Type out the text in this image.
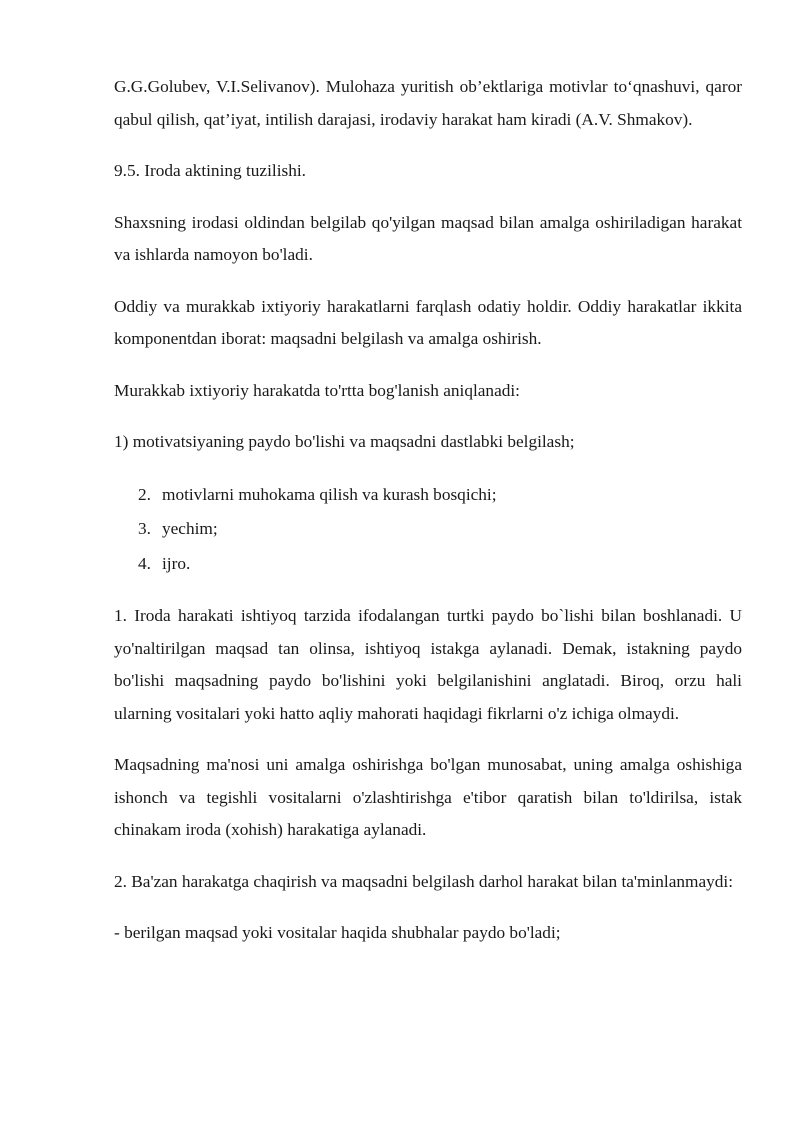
G.G.Golubev, V.I.Selivanov). Mulohaza yuritish ob’ektlariga motivlar to‘qnashuvi, qaror qabul qilish, qat’iyat, intilish darajasi, irodaviy harakat ham kiradi (A.V. Shmakov).

9.5. Iroda aktining tuzilishi.

Shaxsning irodasi oldindan belgilab qo'yilgan maqsad bilan amalga oshiriladigan harakat va ishlarda namoyon bo'ladi.

Oddiy va murakkab ixtiyoriy harakatlarni farqlash odatiy holdir. Oddiy harakatlar ikkita komponentdan iborat: maqsadni belgilash va amalga oshirish.

Murakkab ixtiyoriy harakatda to'rtta bog'lanish aniqlanadi:

1) motivatsiyaning paydo bo'lishi va maqsadni dastlabki belgilash;

2. motivlarni muhokama qilish va kurash bosqichi;
3. yechim;
4. ijro.

1. Iroda harakati ishtiyoq tarzida ifodalangan turtki paydo bo`lishi bilan boshlanadi. U yo'naltirilgan maqsad tan olinsa, ishtiyoq istakga aylanadi. Demak, istakning paydo bo'lishi maqsadning paydo bo'lishini yoki belgilanishini anglatadi. Biroq, orzu hali ularning vositalari yoki hatto aqliy mahorati haqidagi fikrlarni o'z ichiga olmaydi.

Maqsadning ma'nosi uni amalga oshirishga bo'lgan munosabat, uning amalga oshishiga ishonch va tegishli vositalarni o'zlashtirishga e'tibor qaratish bilan to'ldirilsa, istak chinakam iroda (xohish) harakatiga aylanadi.

2. Ba'zan harakatga chaqirish va maqsadni belgilash darhol harakat bilan ta'minlanmaydi:

- berilgan maqsad yoki vositalar haqida shubhalar paydo bo'ladi;
